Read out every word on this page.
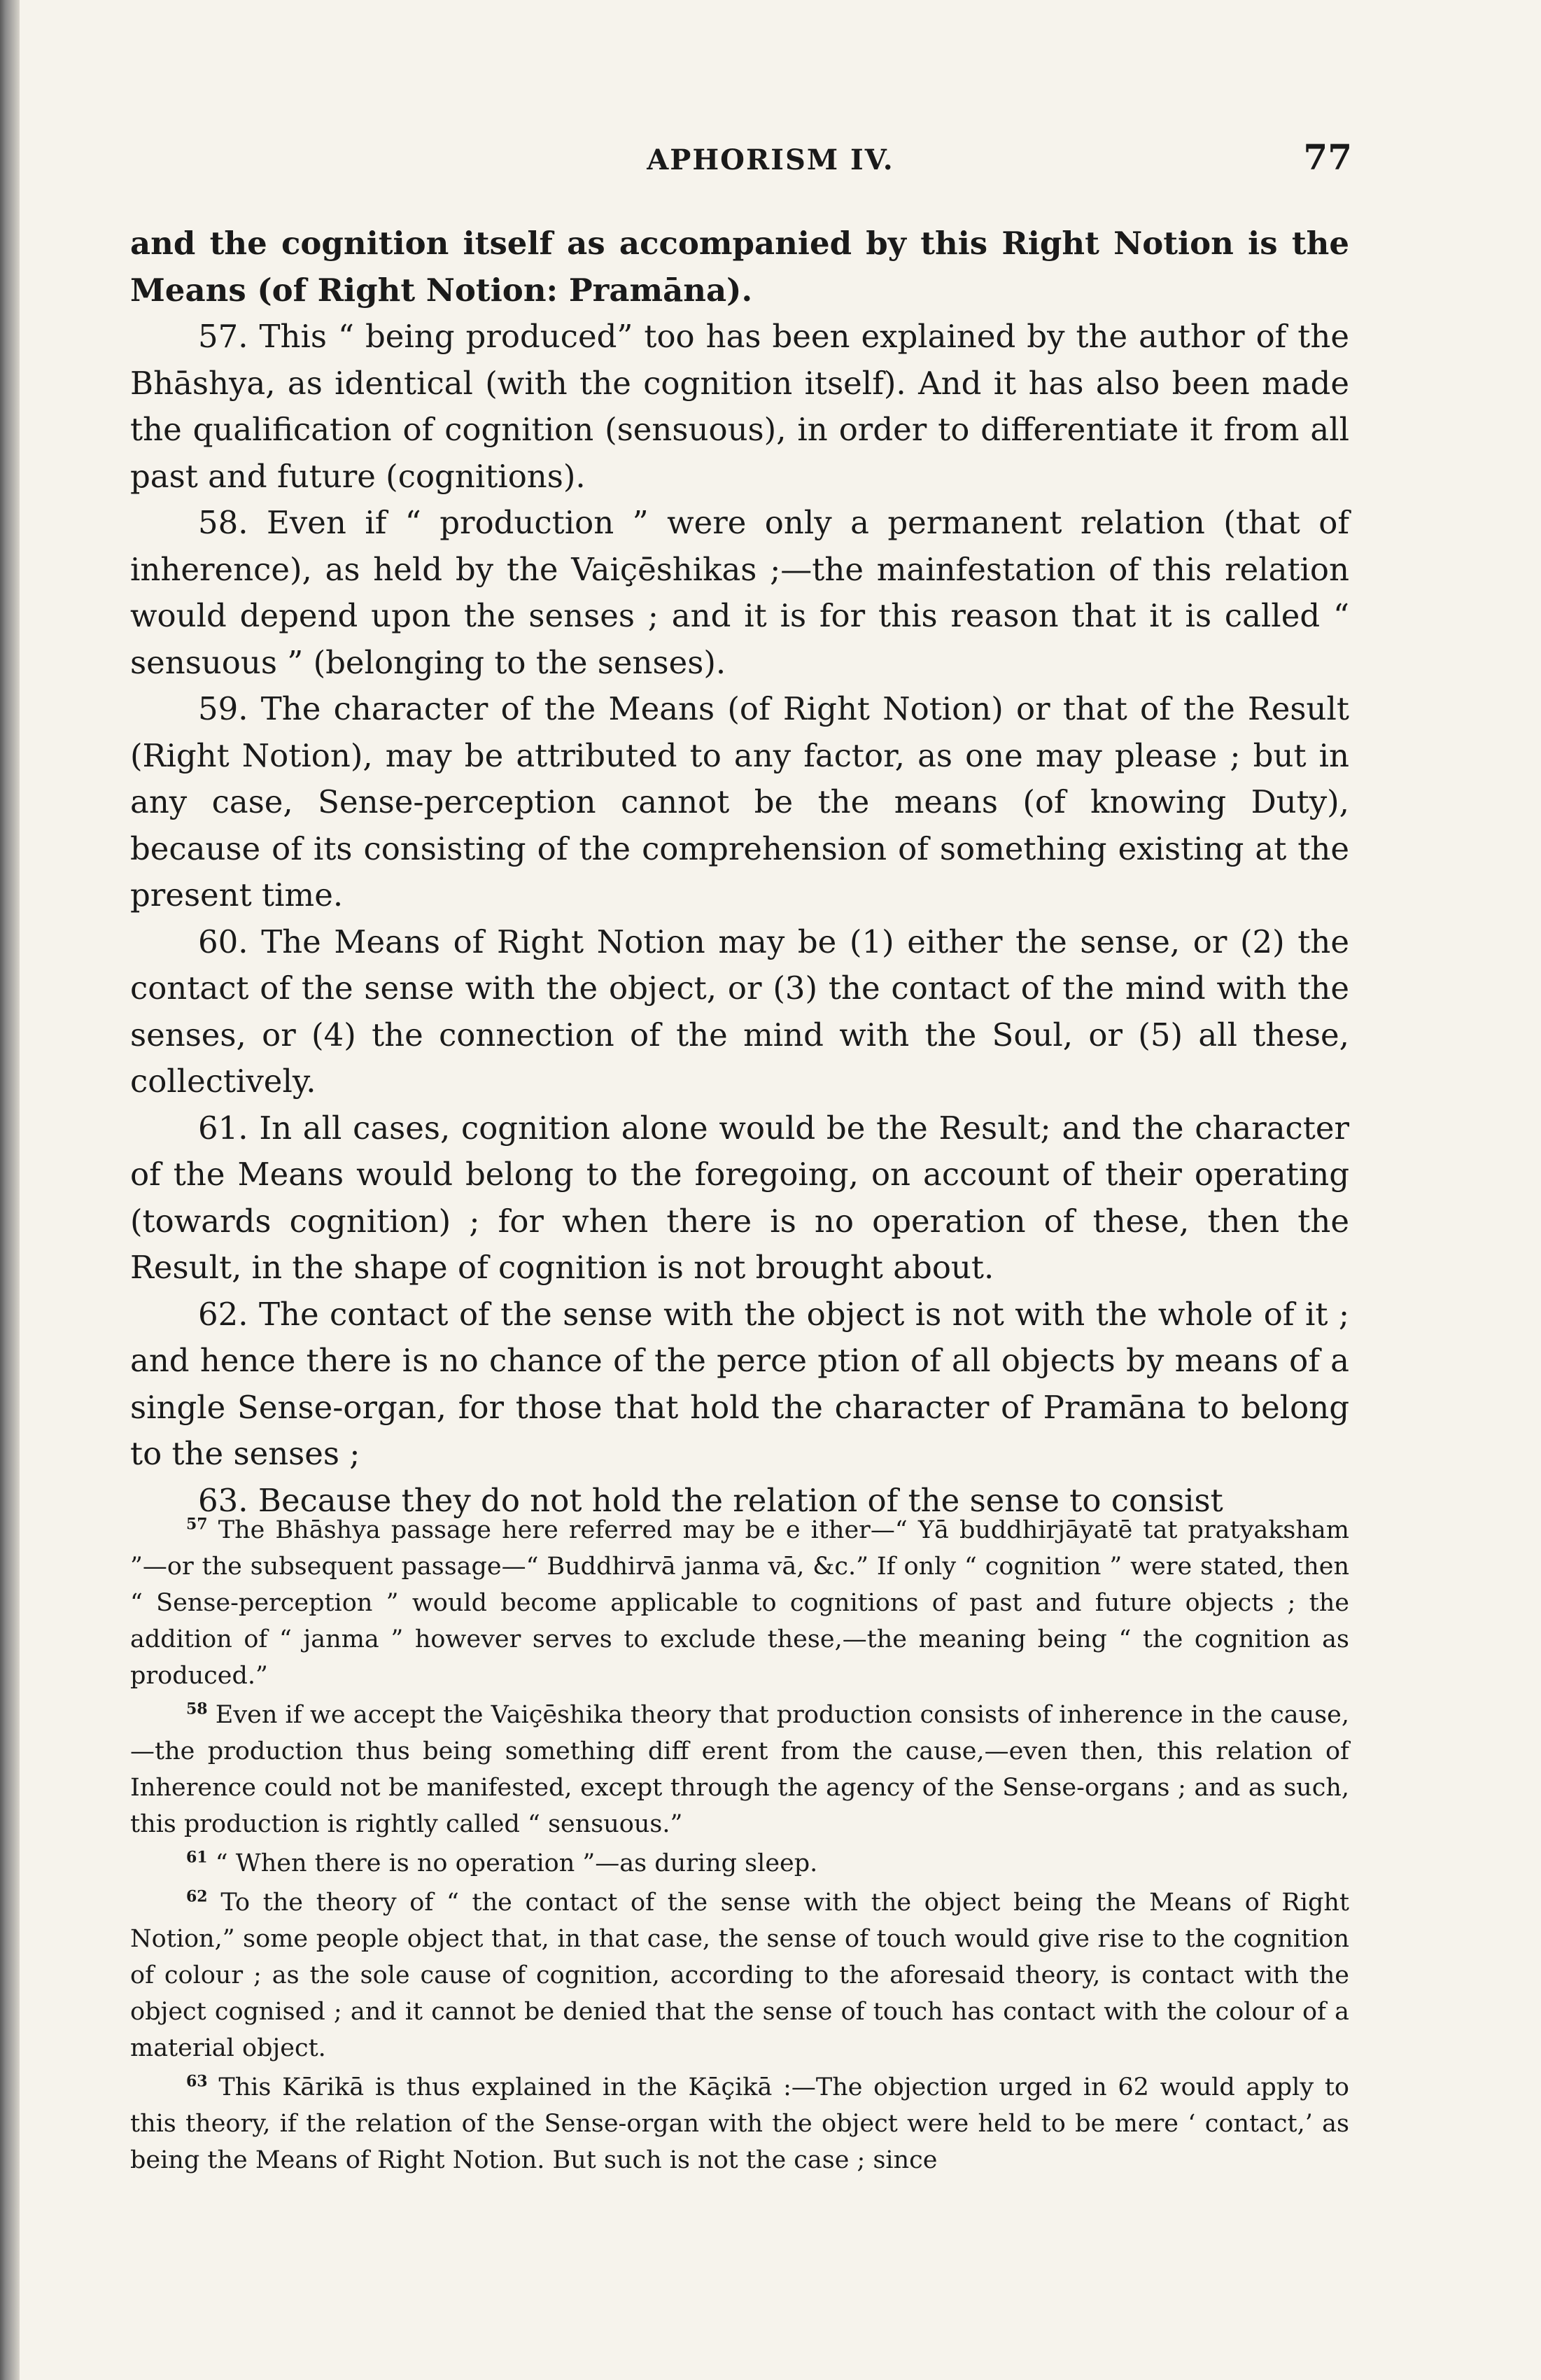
APHORISM IV.	77

and the cognition itself as accompanied by this Right Notion is the Means (of Right Notion: Pramāna).

57. This “ being produced” too has been explained by the author of the Bhāshya, as identical (with the cognition itself). And it has also been made the qualification of cognition (sensuous), in order to differentiate it from all past and future (cognitions).

58. Even if “ production ” were only a permanent relation (that of inherence), as held by the Vaiçēshikas ;—the mainfestation of this relation would depend upon the senses ; and it is for this reason that it is called “ sensuous ” (belonging to the senses).

59. The character of the Means (of Right Notion) or that of the Result (Right Notion), may be attributed to any factor, as one may please ; but in any case, Sense-perception cannot be the means (of knowing Duty), because of its consisting of the comprehension of something existing at the present time.

60. The Means of Right Notion may be (1) either the sense, or (2) the contact of the sense with the object, or (3) the contact of the mind with the senses, or (4) the connection of the mind with the Soul, or (5) all these, collectively.

61. In all cases, cognition alone would be the Result; and the character of the Means would belong to the foregoing, on account of their operating (towards cognition) ; for when there is no operation of these, then the Result, in the shape of cognition is not brought about.

62. The contact of the sense with the object is not with the whole of it ; and hence there is no chance of the perce ption of all objects by means of a single Sense-organ, for those that hold the character of Pramāna to belong to the senses ;

63. Because they do not hold the relation of the sense to consist

$^{57}$ The Bhāshya passage here referred may be e ither—“ Yā buddhirjāyatē tat pratyaksham ”—or the subsequent passage—“ Buddhirvā janma vā, &c.” If only “ cognition ” were stated, then “ Sense-perception ” would become applicable to cognitions of past and future objects ; the addition of “ janma ” however serves to exclude these,—the meaning being “ the cognition as produced.”

$^{58}$ Even if we accept the Vaiçēshika theory that production consists of inherence in the cause,—the production thus being something diff erent from the cause,—even then, this relation of Inherence could not be manifested, except through the agency of the Sense-organs ; and as such, this production is rightly called “ sensuous.”

$^{61}$ “ When there is no operation ”—as during sleep.

$^{62}$ To the theory of “ the contact of the sense with the object being the Means of Right Notion,” some people object that, in that case, the sense of touch would give rise to the cognition of colour ; as the sole cause of cognition, according to the aforesaid theory, is contact with the object cognised ; and it cannot be denied that the sense of touch has contact with the colour of a material object.

$^{63}$ This Kārikā is thus explained in the Kāçikā :—The objection urged in 62 would apply to this theory, if the relation of the Sense-organ with the object were held to be mere ‘ contact,’ as being the Means of Right Notion. But such is not the case ; since
